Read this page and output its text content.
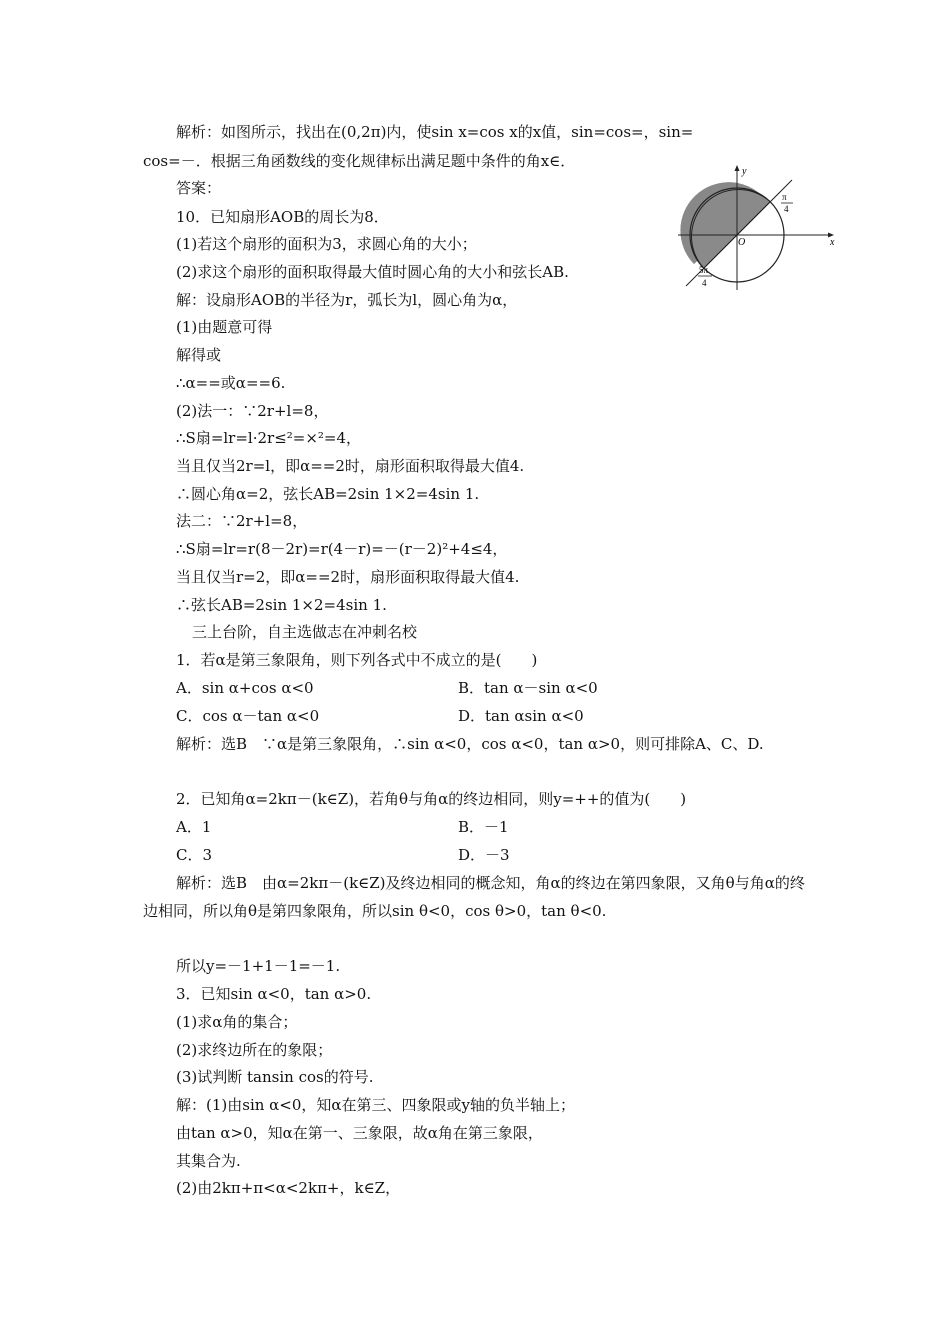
解析：如图所示，找出在(0,2π)内，使sin x=cos x的x值，sin=cos=，sin=
cos=－．根据三角函数线的变化规律标出满足题中条件的角x∈．
答案：
10．已知扇形AOB的周长为8．
(1)若这个扇形的面积为3，求圆心角的大小；
(2)求这个扇形的面积取得最大值时圆心角的大小和弦长AB.
解：设扇形AOB的半径为r，弧长为l，圆心角为α，
(1)由题意可得
解得或
∴α==或α==6.
(2)法一：∵2r+l=8，
∴S扇=lr=l·2r≤²=×²=4，
当且仅当2r=l，即α==2时，扇形面积取得最大值4.
∴圆心角α=2，弦长AB=2sin 1×2=4sin 1.
法二：∵2r+l=8，
∴S扇=lr=r(8－2r)=r(4－r)=－(r－2)²+4≤4，
当且仅当r=2，即α==2时，扇形面积取得最大值4.
∴弦长AB=2sin 1×2=4sin 1.
三上台阶，自主选做志在冲刺名校
1．若α是第三象限角，则下列各式中不成立的是(　　)
A．sin α+cos α<0	B．tan α－sin α<0
C．cos α－tan α<0	D．tan αsin α<0
解析：选B　∵α是第三象限角，∴sin α<0，cos α<0，tan α>0，则可排除A、C、D.
2．已知角α=2kπ－(k∈Z)，若角θ与角α的终边相同，则y=++的值为(　　)
A．1	B．－1
C．3	D．－3
解析：选B　由α=2kπ－(k∈Z)及终边相同的概念知，角α的终边在第四象限，又角θ与角α的终边相同，所以角θ是第四象限角，所以sin θ<0，cos θ>0，tan θ<0.
所以y=－1+1－1=－1.
3．已知sin α<0，tan α>0.
(1)求α角的集合；
(2)求终边所在的象限；
(3)试判断 tansin cos的符号.
解：(1)由sin α<0，知α在第三、四象限或y轴的负半轴上；
由tan α>0，知α在第一、三象限，故α角在第三象限，
其集合为.
(2)由2kπ+π<α<2kπ+，k∈Z，
y
x
O
π
4
5π
4
